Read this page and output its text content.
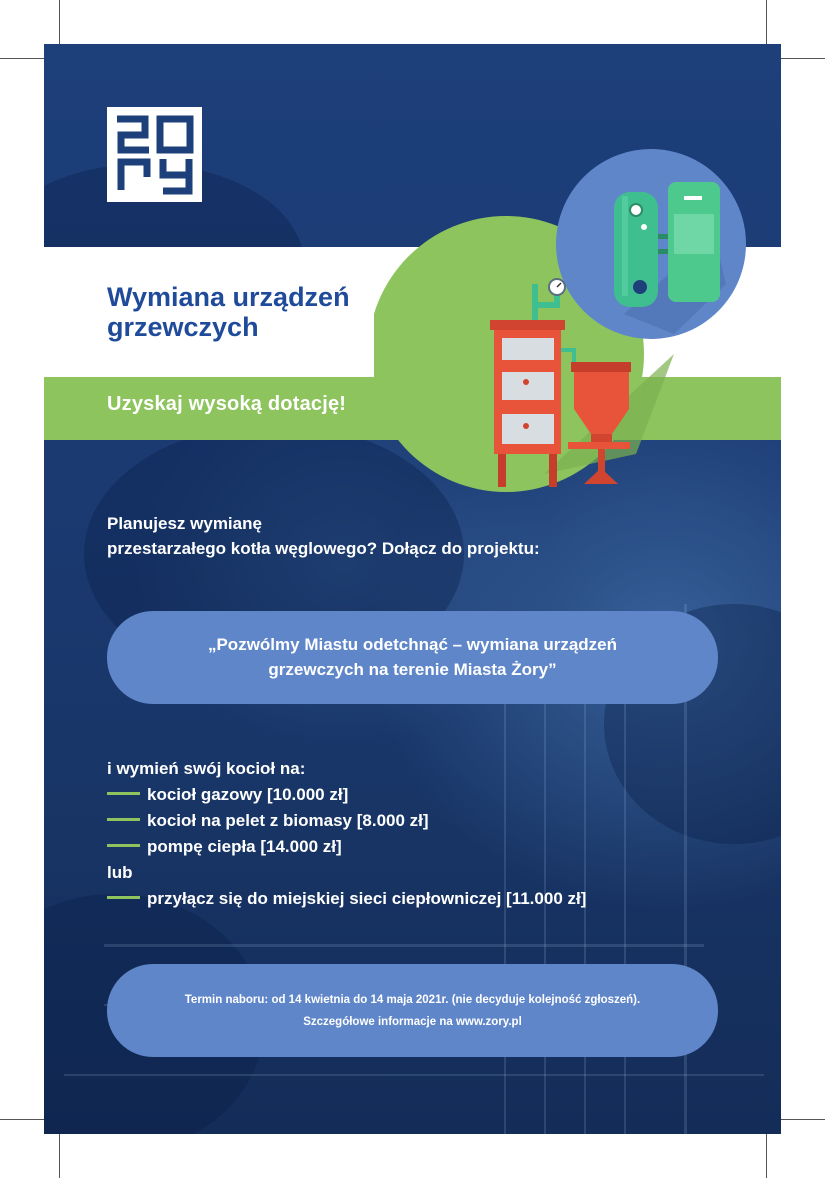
Wymiana urządzeń
grzewczych
Uzyskaj wysoką dotację!
Planujesz wymianę
przestarzałego kotła węglowego? Dołącz do projektu:
„Pozwólmy Miastu odetchnąć – wymiana urządzeń
grzewczych na terenie Miasta Żory”
i wymień swój kocioł na:
kocioł gazowy [10.000 zł]
kocioł na pelet z biomasy [8.000 zł]
pompę ciepła [14.000 zł]
lub
przyłącz się do miejskiej sieci ciepłowniczej [11.000 zł]
Termin naboru: od 14 kwietnia do 14 maja 2021r. (nie decyduje kolejność zgłoszeń).
Szczegółowe informacje na www.zory.pl
